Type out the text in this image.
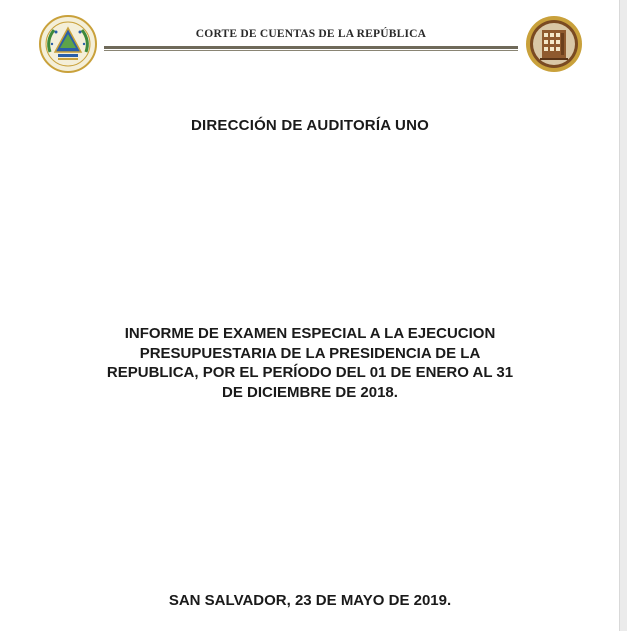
CORTE DE CUENTAS DE LA REPÚBLICA
DIRECCIÓN DE AUDITORÍA UNO
INFORME DE EXAMEN ESPECIAL A LA EJECUCION
PRESUPUESTARIA DE LA PRESIDENCIA DE LA
REPUBLICA, POR EL PERÍODO DEL 01 DE ENERO AL 31
DE DICIEMBRE DE 2018.
SAN SALVADOR, 23 DE MAYO DE 2019.
